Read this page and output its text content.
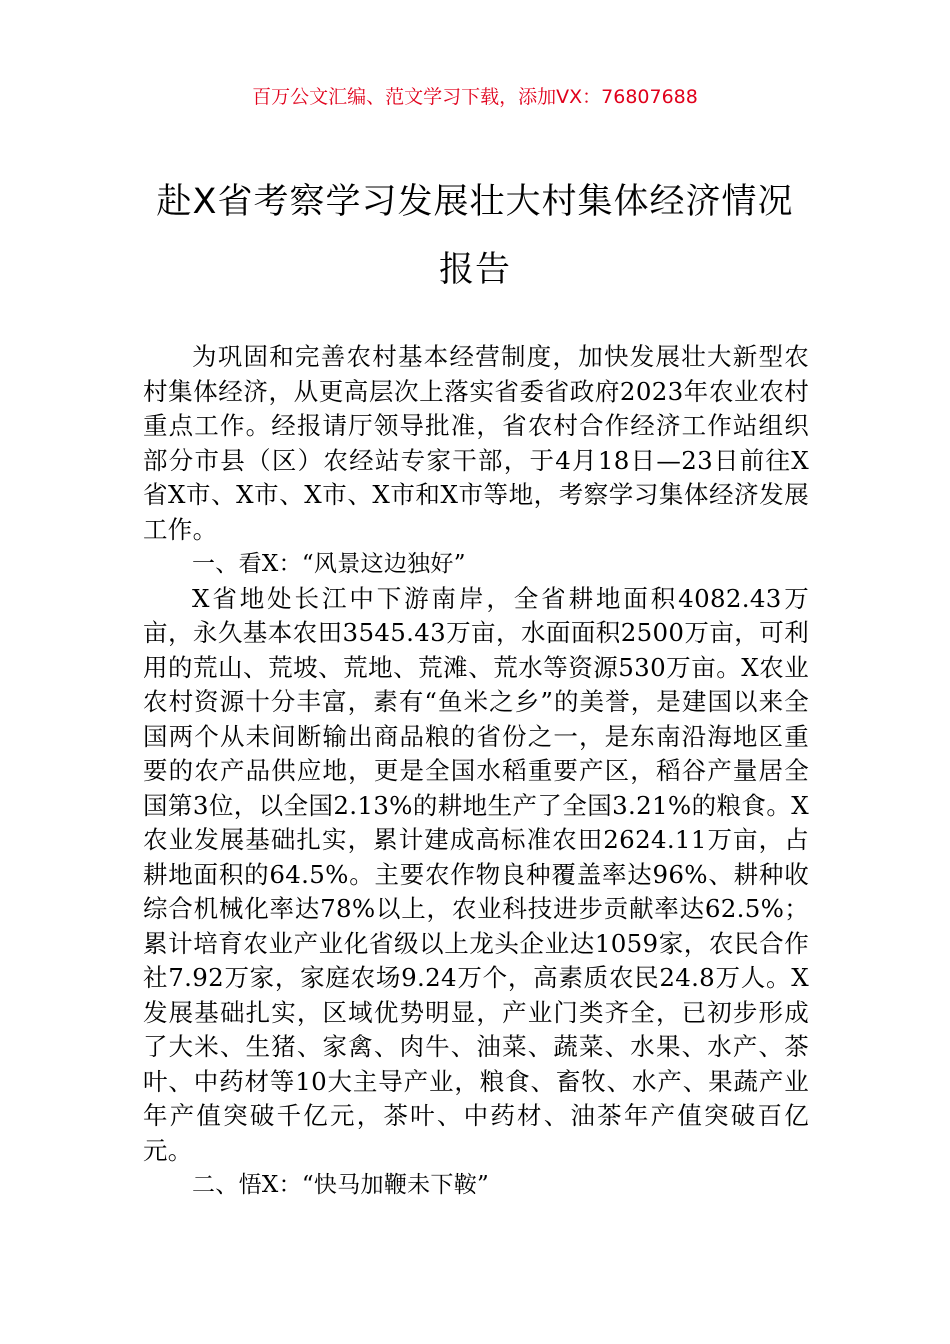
百万公文汇编、范文学习下载，添加VX：76807688
赴X省考察学习发展壮大村集体经济情况
报告

为巩固和完善农村基本经营制度，加快发展壮大新型农村集体经济，从更高层次上落实省委省政府2023年农业农村重点工作。经报请厅领导批准，省农村合作经济工作站组织部分市县（区）农经站专家干部，于4月18日—23日前往X省X市、X市、X市、X市和X市等地，考察学习集体经济发展工作。

一、看X：“风景这边独好”

X省地处长江中下游南岸，全省耕地面积4082.43万亩，永久基本农田3545.43万亩，水面面积2500万亩，可利用的荒山、荒坡、荒地、荒滩、荒水等资源530万亩。X农业农村资源十分丰富，素有“鱼米之乡”的美誉，是建国以来全国两个从未间断输出商品粮的省份之一，是东南沿海地区重要的农产品供应地，更是全国水稻重要产区，稻谷产量居全国第3位，以全国2.13%的耕地生产了全国3.21%的粮食。X农业发展基础扎实，累计建成高标准农田2624.11万亩，占耕地面积的64.5%。主要农作物良种覆盖率达96%、耕种收综合机械化率达78%以上，农业科技进步贡献率达62.5%；累计培育农业产业化省级以上龙头企业达1059家，农民合作社7.92万家，家庭农场9.24万个，高素质农民24.8万人。X发展基础扎实，区域优势明显，产业门类齐全，已初步形成了大米、生猪、家禽、肉牛、油菜、蔬菜、水果、水产、茶叶、中药材等10大主导产业，粮食、畜牧、水产、果蔬产业年产值突破千亿元，茶叶、中药材、油茶年产值突破百亿元。

二、悟X：“快马加鞭未下鞍”
